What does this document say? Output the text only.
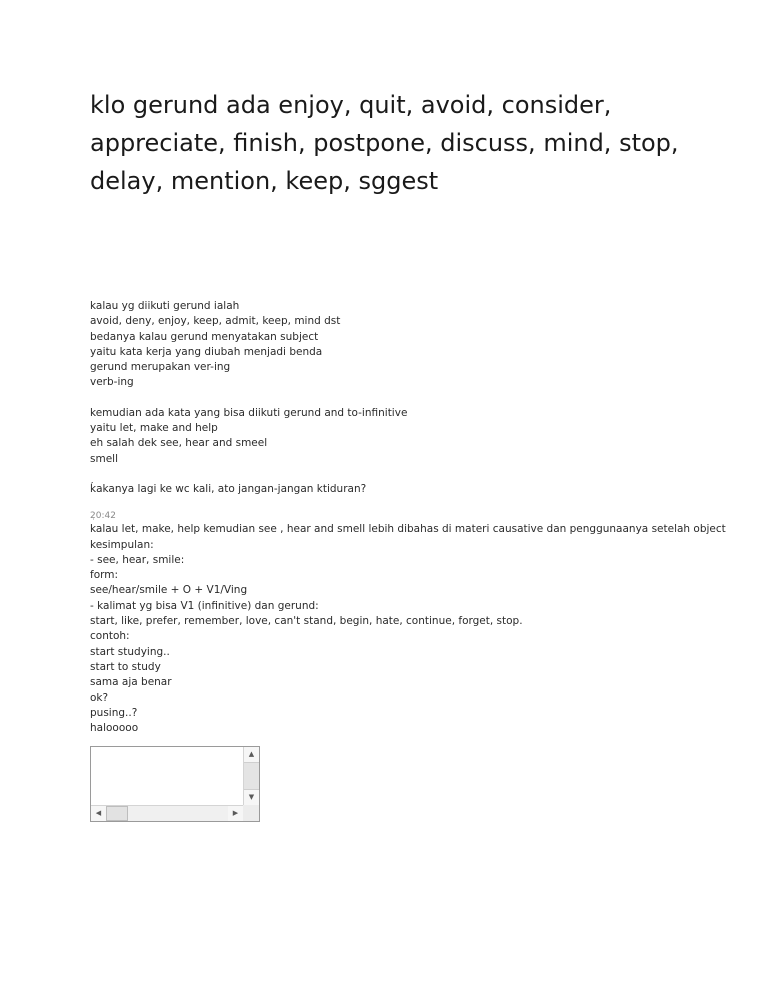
klo gerund ada enjoy, quit, avoid, consider, appreciate, finish, postpone, discuss, mind, stop, delay, mention, keep, sggest
kalau yg diikuti gerund ialah
avoid, deny, enjoy, keep, admit, keep, mind dst
bedanya kalau gerund menyatakan subject
yaitu kata kerja yang diubah menjadi benda
gerund merupakan ver-ing
verb-ing
kemudian ada kata yang bisa diikuti gerund and to-infinitive
yaitu let, make and help
eh salah dek see, hear and smeel
smell
ḱakanya lagi ke wc kali, ato jangan-jangan ktiduran?
2̣0:42
kalau let, make, help kemudian see , hear and smell lebih dibahas di materi causative dan penggunaanya setelah object
kesimpulan:
- see, hear, smile:
form:
see/hear/smile + O + V1/Ving
- kalimat yg bisa V1 (infinitive) dan gerund:
start, like, prefer, remember, love, can't stand, begin, hate, continue, forget, stop.
contoh:
start studying..
start to study
sama aja benar
ok?
pusing..?
halooooo
▲
▼
◀	▶
